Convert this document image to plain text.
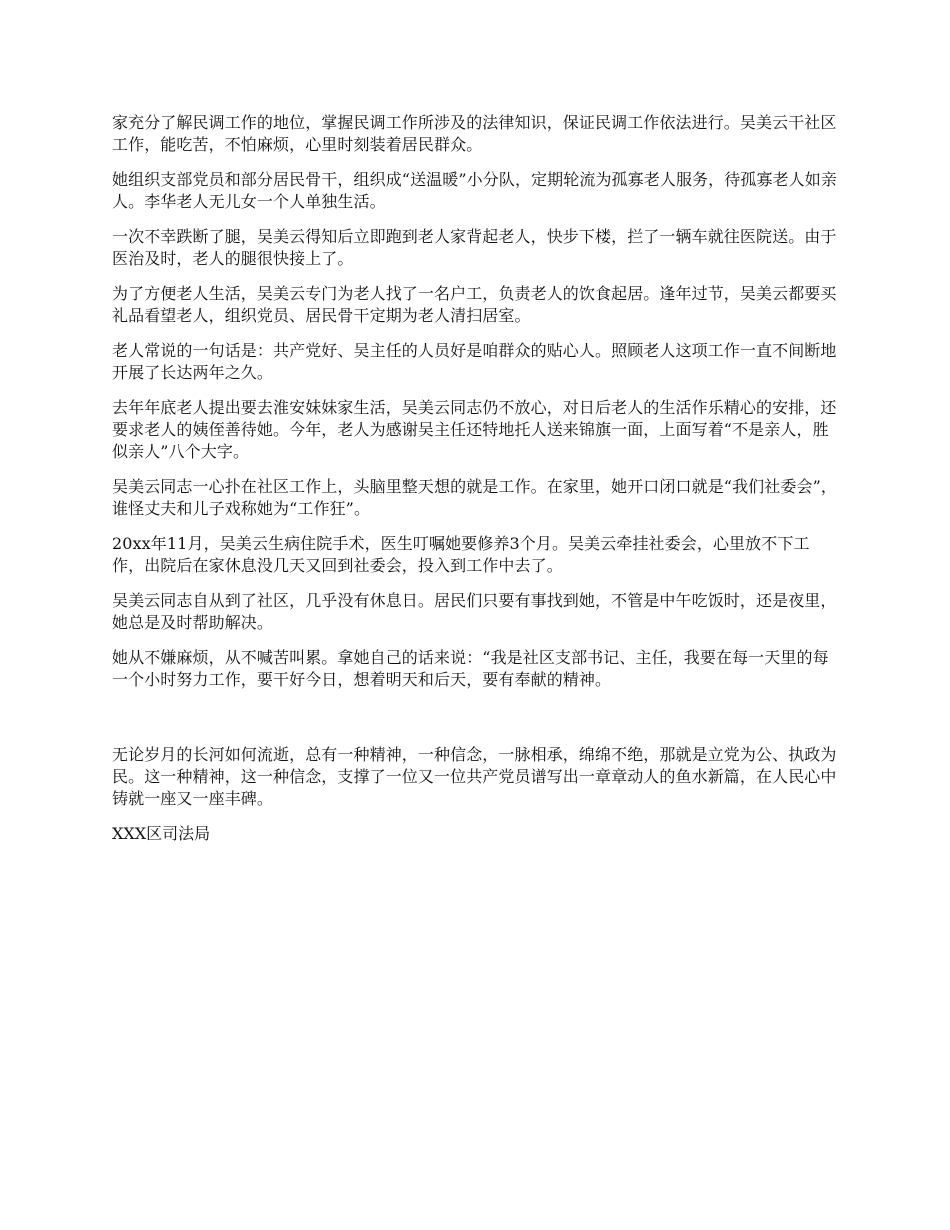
家充分了解民调工作的地位，掌握民调工作所涉及的法律知识，保证民调工作依法进行。吴美云干社区工作，能吃苦，不怕麻烦，心里时刻装着居民群众。

她组织支部党员和部分居民骨干，组织成“送温暖”小分队，定期轮流为孤寡老人服务，待孤寡老人如亲人。李华老人无儿女一个人单独生活。

一次不幸跌断了腿，吴美云得知后立即跑到老人家背起老人，快步下楼，拦了一辆车就往医院送。由于医治及时，老人的腿很快接上了。

为了方便老人生活，吴美云专门为老人找了一名户工，负责老人的饮食起居。逢年过节，吴美云都要买礼品看望老人，组织党员、居民骨干定期为老人清扫居室。

老人常说的一句话是：共产党好、吴主任的人员好是咱群众的贴心人。照顾老人这项工作一直不间断地开展了长达两年之久。

去年年底老人提出要去淮安妹妹家生活，吴美云同志仍不放心，对日后老人的生活作乐精心的安排，还要求老人的姨侄善待她。今年，老人为感谢吴主任还特地托人送来锦旗一面，上面写着“不是亲人，胜似亲人”八个大字。

吴美云同志一心扑在社区工作上，头脑里整天想的就是工作。在家里，她开口闭口就是“我们社委会”，谁怪丈夫和儿子戏称她为“工作狂”。

20xx年11月，吴美云生病住院手术，医生叮嘱她要修养3个月。吴美云牵挂社委会，心里放不下工作，出院后在家休息没几天又回到社委会，投入到工作中去了。

吴美云同志自从到了社区，几乎没有休息日。居民们只要有事找到她，不管是中午吃饭时，还是夜里，她总是及时帮助解决。

她从不嫌麻烦，从不喊苦叫累。拿她自己的话来说：“我是社区支部书记、主任，我要在每一天里的每一个小时努力工作，要干好今日，想着明天和后天，要有奉献的精神。

无论岁月的长河如何流逝，总有一种精神，一种信念，一脉相承，绵绵不绝，那就是立党为公、执政为民。这一种精神，这一种信念，支撑了一位又一位共产党员谱写出一章章动人的鱼水新篇，在人民心中铸就一座又一座丰碑。

XXX区司法局
